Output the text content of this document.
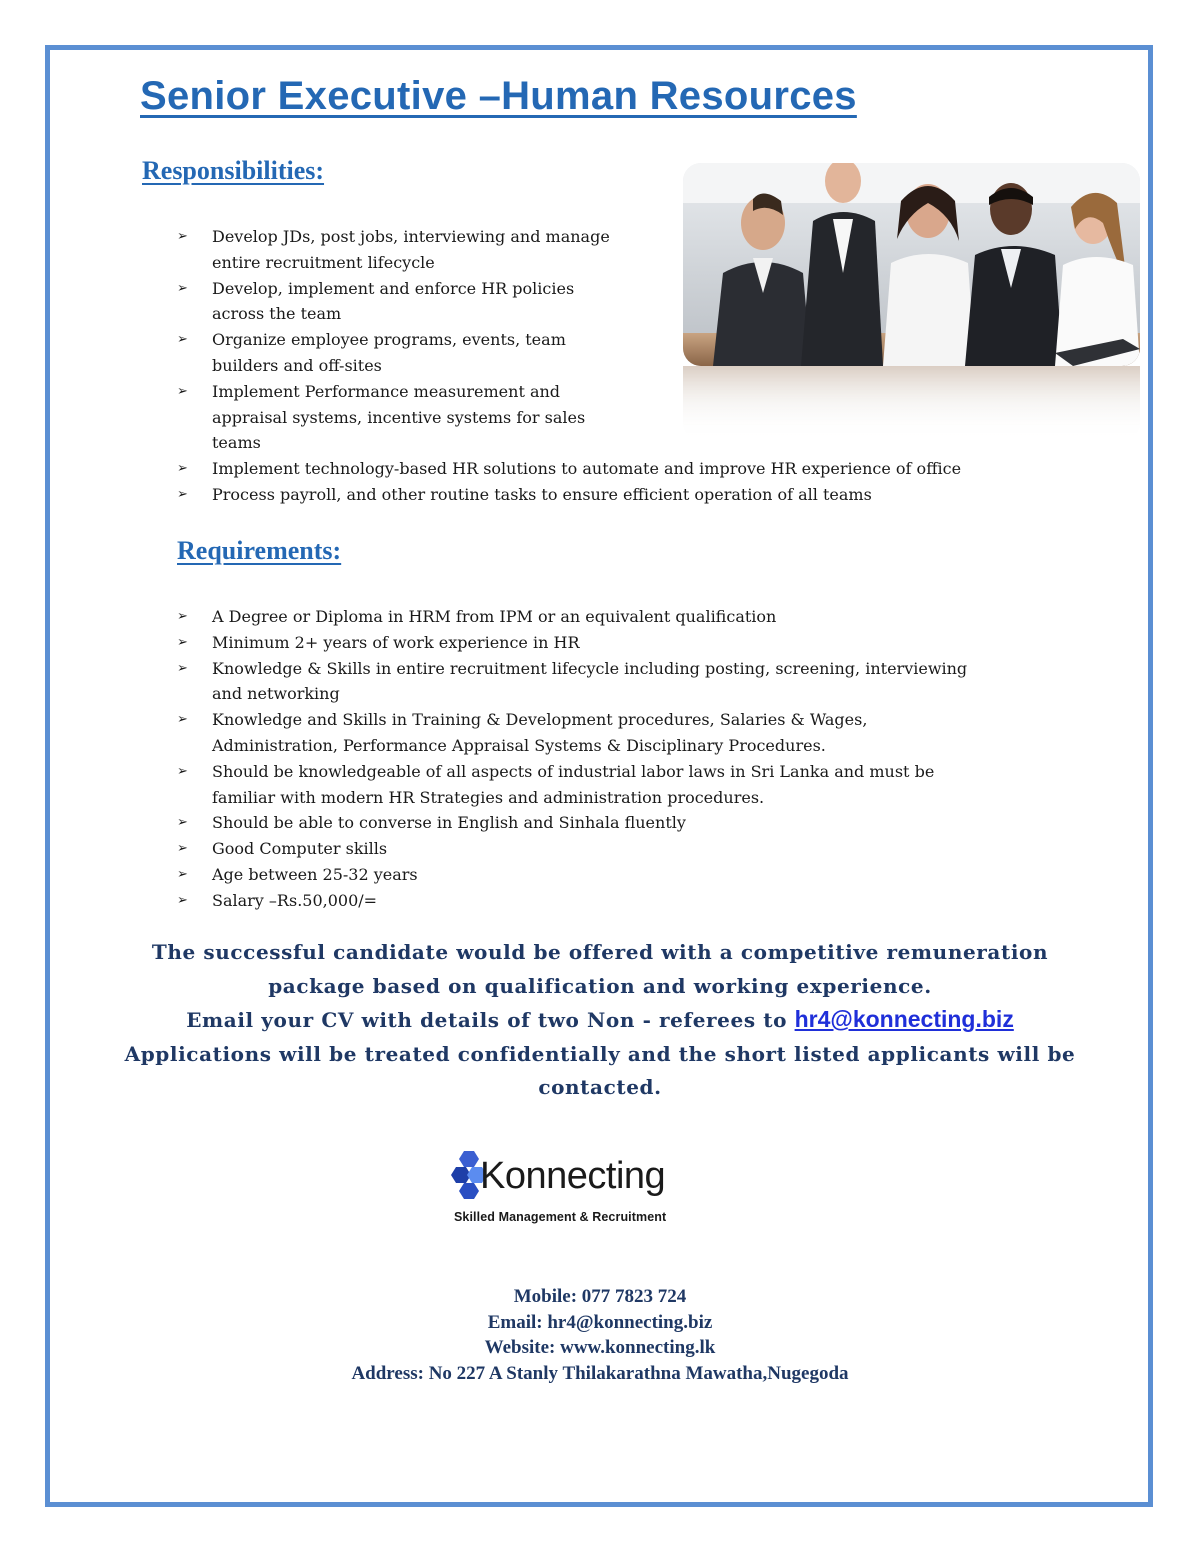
Senior Executive –Human Resources
Responsibilities:
➢ Develop JDs, post jobs, interviewing and manage
entire recruitment lifecycle
➢ Develop, implement and enforce HR policies
across the team
➢ Organize employee programs, events, team
builders and off-sites
➢ Implement Performance measurement and
appraisal systems, incentive systems for sales
teams
➢ Implement technology-based HR solutions to automate and improve HR experience of office
➢ Process payroll, and other routine tasks to ensure efficient operation of all teams
Requirements:
➢ A Degree or Diploma in HRM from IPM or an equivalent qualification
➢ Minimum 2+ years of work experience in HR
➢ Knowledge & Skills in entire recruitment lifecycle including posting, screening, interviewing
and networking
➢ Knowledge and Skills in Training & Development procedures, Salaries & Wages,
Administration, Performance Appraisal Systems & Disciplinary Procedures.
➢ Should be knowledgeable of all aspects of industrial labor laws in Sri Lanka and must be
familiar with modern HR Strategies and administration procedures.
➢ Should be able to converse in English and Sinhala fluently
➢ Good Computer skills
➢ Age between 25-32 years
➢ Salary –Rs.50,000/=

The successful candidate would be offered with a competitive remuneration

package based on qualification and working experience.

Email your CV with details of two Non - referees to hr4@konnecting.biz

Applications will be treated confidentially and the short listed applicants will be

contacted.

Konnecting

Skilled Management & Recruitment

Mobile: 077 7823 724

Email: hr4@konnecting.biz

Website: www.konnecting.lk

Address: No 227 A Stanly Thilakarathna Mawatha,Nugegoda
